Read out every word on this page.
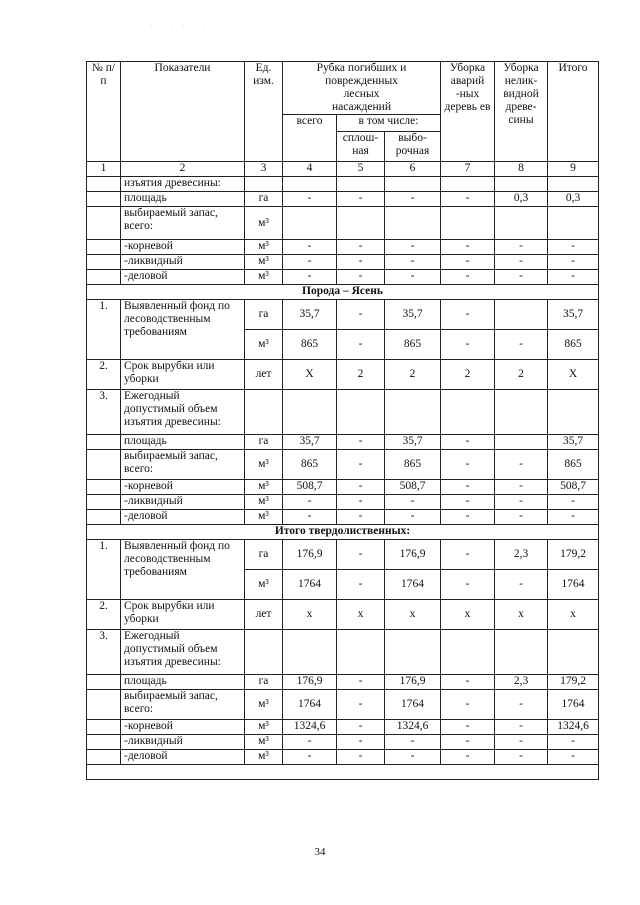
· · · · · ·
№ п/п	Показатели	Ед. изм.	Рубка погибших и поврежденных лесных насаждений			Уборка аварий -ных деревь ев	Уборка нелик- видной древе- сины	Итого
			всего	в том числе:				
				сплош- ная	выбо- рочная			
1	2	3	4	5	6	7	8	9
	изъятия древесины:							
	площадь	га	-	-	-	-	0,3	0,3
	выбираемый запас, всего:	м³						
	-корневой	м³	-	-	-	-	-	-
	-ликвидный	м³	-	-	-	-	-	-
	-деловой	м³	-	-	-	-	-	-
Порода – Ясень								
1.	Выявленный фонд по лесоводственным требованиям	га	35,7	-	35,7	-		35,7
		м³	865	-	865	-	-	865
2.	Срок вырубки или уборки	лет	Х	2	2	2	2	Х
3.	Ежегодный допустимый объем изъятия древесины:							
	площадь	га	35,7	-	35,7	-		35,7
	выбираемый запас, всего:	м³	865	-	865	-	-	865
	-корневой	м³	508,7	-	508,7	-	-	508,7
	-ликвидный	м³	-	-	-	-	-	-
	-деловой	м³	-	-	-	-	-	-
Итого твердолиственных:								
1.	Выявленный фонд по лесоводственным требованиям	га	176,9	-	176,9	-	2,3	179,2
		м³	1764	-	1764	-	-	1764
2.	Срок вырубки или уборки	лет	х	х	х	х	х	х
3.	Ежегодный допустимый объем изъятия древесины:							
	площадь	га	176,9	-	176,9	-	2,3	179,2
	выбираемый запас, всего:	м³	1764	-	1764	-	-	1764
	-корневой	м³	1324,6	-	1324,6	-	-	1324,6
	-ликвидный	м³	-	-	-	-	-	-
	-деловой	м³	-	-	-	-	-	-

34
